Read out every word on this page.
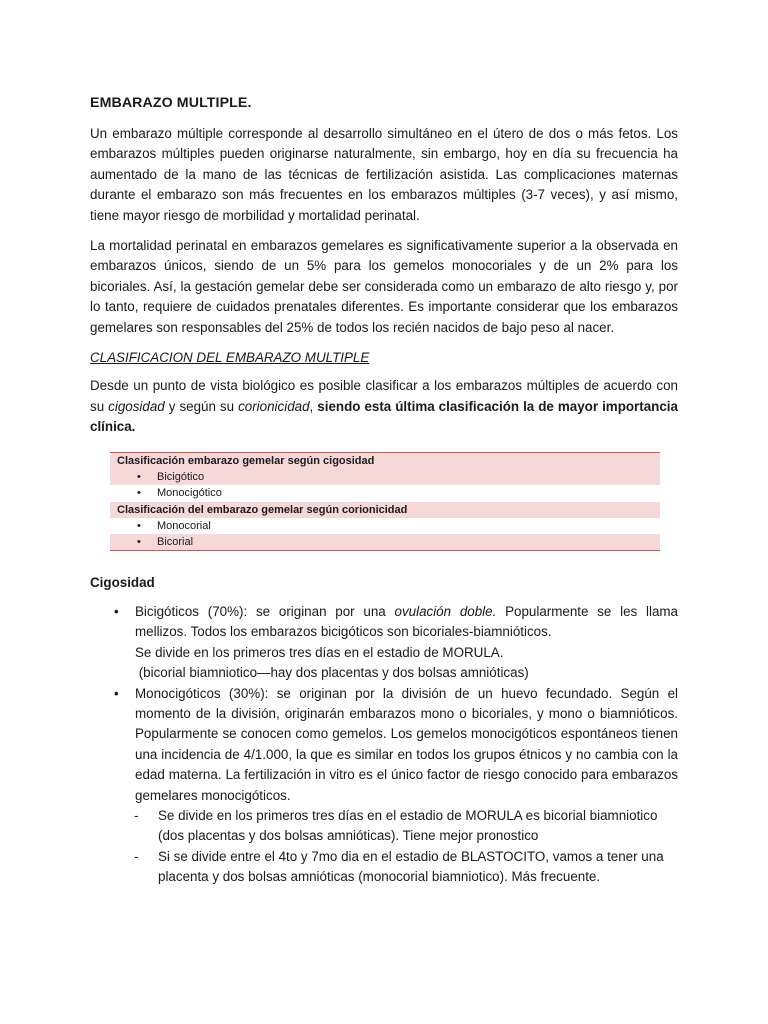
EMBARAZO MULTIPLE.

Un embarazo múltiple corresponde al desarrollo simultáneo en el útero de dos o más fetos. Los embarazos múltiples pueden originarse naturalmente, sin embargo, hoy en día su frecuencia ha aumentado de la mano de las técnicas de fertilización asistida. Las complicaciones maternas durante el embarazo son más frecuentes en los embarazos múltiples (3-7 veces), y así mismo, tiene mayor riesgo de morbilidad y mortalidad perinatal.

La mortalidad perinatal en embarazos gemelares es significativamente superior a la observada en embarazos únicos, siendo de un 5% para los gemelos monocoriales y de un 2% para los bicoriales. Así, la gestación gemelar debe ser considerada como un embarazo de alto riesgo y, por lo tanto, requiere de cuidados prenatales diferentes. Es importante considerar que los embarazos gemelares son responsables del 25% de todos los recién nacidos de bajo peso al nacer.

CLASIFICACION DEL EMBARAZO MULTIPLE

Desde un punto de vista biológico es posible clasificar a los embarazos múltiples de acuerdo con su cigosidad y según su corionicidad, siendo esta última clasificación la de mayor importancia clínica.

Clasificación embarazo gemelar según cigosidad
• Bicigótico
• Monocigótico
Clasificación del embarazo gemelar según corionicidad
• Monocorial
• Bicorial
Cigosidad
• Bicigóticos (70%): se originan por una ovulación doble. Popularmente se les llama mellizos. Todos los embarazos bicigóticos son bicoriales-biamnióticos.
Se divide en los primeros tres días en el estadio de MORULA.
(bicorial biamniotico—hay dos placentas y dos bolsas amnióticas)
• Monocigóticos (30%): se originan por la división de un huevo fecundado. Según el momento de la división, originarán embarazos mono o bicoriales, y mono o biamnióticos. Popularmente se conocen como gemelos. Los gemelos monocigóticos espontáneos tienen una incidencia de 4/1.000, la que es similar en todos los grupos étnicos y no cambia con la edad materna. La fertilización in vitro es el único factor de riesgo conocido para embarazos gemelares monocigóticos.
- Se divide en los primeros tres días en el estadio de MORULA es bicorial biamniotico (dos placentas y dos bolsas amnióticas). Tiene mejor pronostico
- Si se divide entre el 4to y 7mo dia en el estadio de BLASTOCITO, vamos a tener una placenta y dos bolsas amnióticas (monocorial biamniotico). Más frecuente.
